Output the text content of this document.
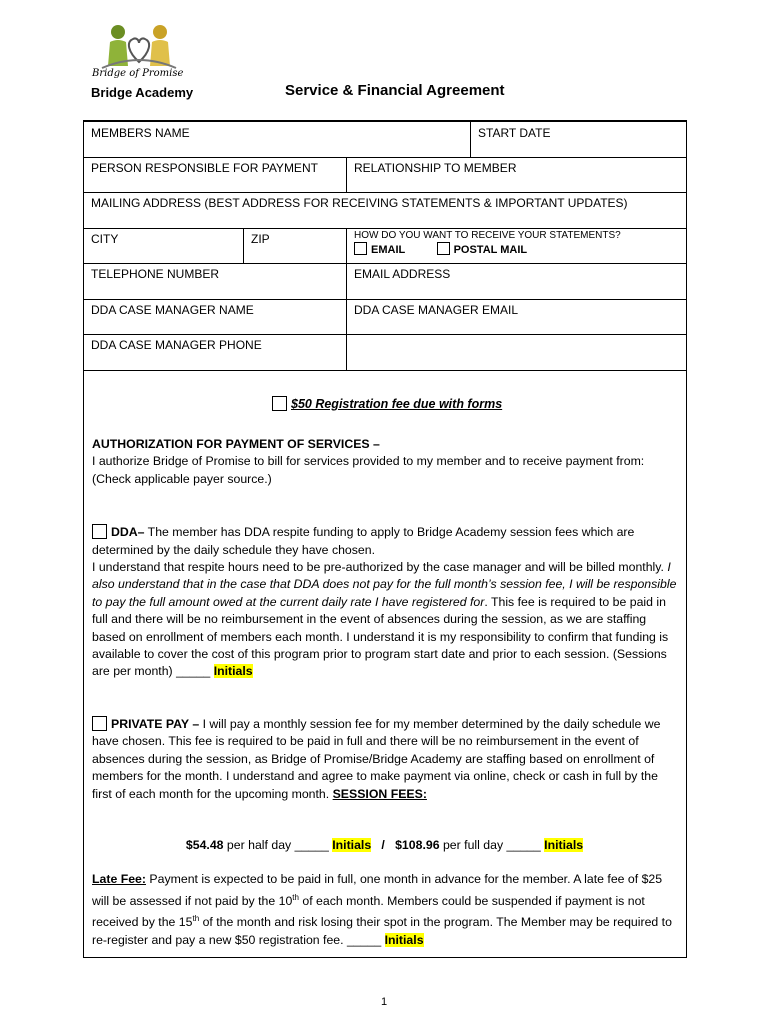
Bridge of Promise
Bridge Academy	Service & Financial Agreement
MEMBERS NAME	START DATE
PERSON RESPONSIBLE FOR PAYMENT	RELATIONSHIP TO MEMBER
MAILING ADDRESS (BEST ADDRESS FOR RECEIVING STATEMENTS & IMPORTANT UPDATES)
CITY	ZIP	HOW DO YOU WANT TO RECEIVE YOUR STATEMENTS?
EMAIL	POSTAL MAIL
TELEPHONE NUMBER	EMAIL ADDRESS
DDA CASE MANAGER NAME	DDA CASE MANAGER EMAIL
DDA CASE MANAGER PHONE
$50 Registration fee due with forms

AUTHORIZATION FOR PAYMENT OF SERVICES –
I authorize Bridge of Promise to bill for services provided to my member and to receive payment from: (Check applicable payer source.)

DDA– The member has DDA respite funding to apply to Bridge Academy session fees which are determined by the daily schedule they have chosen.
I understand that respite hours need to be pre-authorized by the case manager and will be billed monthly. I also understand that in the case that DDA does not pay for the full month’s session fee, I will be responsible to pay the full amount owed at the current daily rate I have registered for. This fee is required to be paid in full and there will be no reimbursement in the event of absences during the session, as we are staffing based on enrollment of members each month. I understand it is my responsibility to confirm that funding is available to cover the cost of this program prior to program start date and prior to each session. (Sessions are per month) _____ Initials

PRIVATE PAY – I will pay a monthly session fee for my member determined by the daily schedule we have chosen. This fee is required to be paid in full and there will be no reimbursement in the event of absences during the session, as Bridge of Promise/Bridge Academy are staffing based on enrollment of members for the month. I understand and agree to make payment via online, check or cash in full by the first of each month for the upcoming month. SESSION FEES:

$54.48 per half day _____ Initials   /   $108.96 per full day _____ Initials

Late Fee: Payment is expected to be paid in full, one month in advance for the member. A late fee of $25 will be assessed if not paid by the 10th of each month. Members could be suspended if payment is not received by the 15th of the month and risk losing their spot in the program. The Member may be required to re-register and pay a new $50 registration fee. _____ Initials

1
